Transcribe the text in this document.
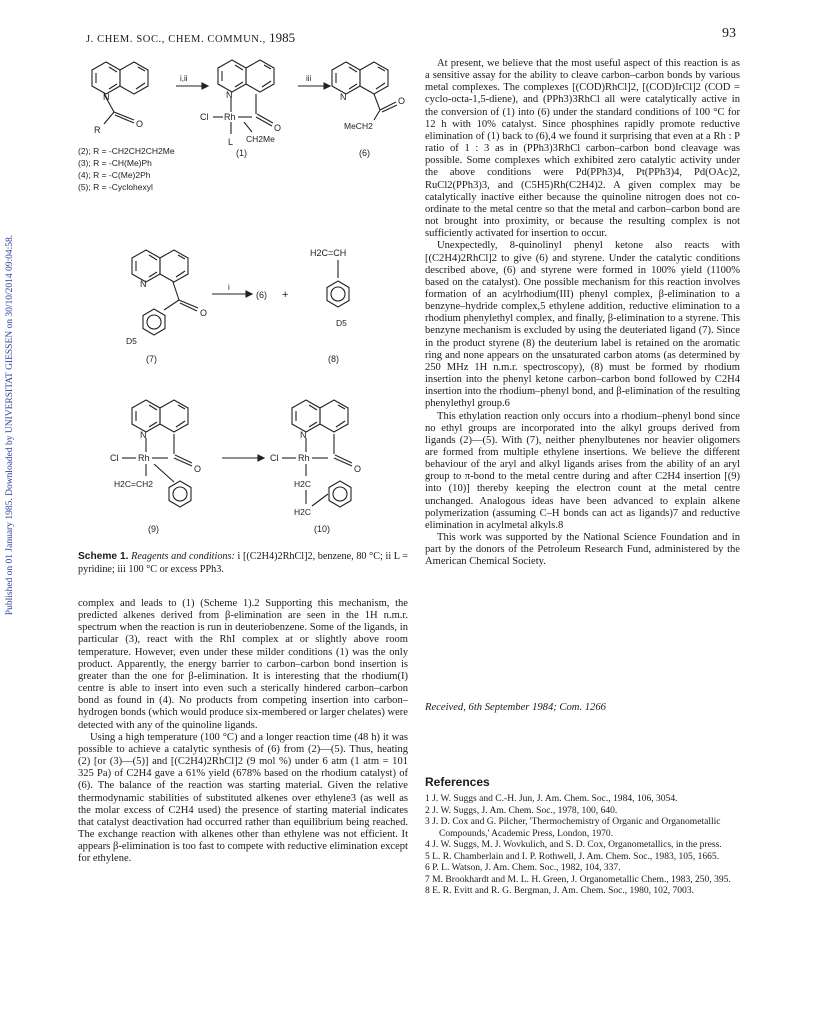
Published on 01 January 1985. Downloaded by UNIVERSITAT GIESSEN on 30/10/2014 09:04:58.
J. CHEM. SOC., CHEM. COMMUN., 1985	93
N
R
O
i,ii
N
Rh
Cl
O
L CH2Me
iii
N	O
MeCH2
(1)	(6)
(2); R = -CH2CH2CH2Me
(3); R = -CH(Me)Ph
(4); R = -C(Me)2Ph
(5); R = -Cyclohexyl
N
O
D5
i
(6) +
H2C=CH
D5
(7)	(8)
N
Rh
Cl
O
H2C=CH2
N
Rh
Cl
O
H2C
H2C
(9)	(10)
Scheme 1. Reagents and conditions: i [(C2H4)2RhCl]2, benzene, 80 °C; ii L = pyridine; iii 100 °C or excess PPh3.

complex and leads to (1) (Scheme 1).2 Supporting this mechanism, the predicted alkenes derived from β-elimination are seen in the 1H n.m.r. spectrum when the reaction is run in deuteriobenzene. Some of the ligands, in particular (3), react with the RhI complex at or slightly above room temperature. However, even under these milder conditions (1) was the only product. Apparently, the energy barrier to carbon–carbon bond insertion is greater than the one for β-elimination. It is interesting that the rhodium(I) centre is able to insert into even such a sterically hindered carbon–carbon bond as found in (4). No products from competing insertion into carbon–hydrogen bonds (which would produce six-membered or larger chelates) were detected with any of the quinoline ligands.

Using a high temperature (100 °C) and a longer reaction time (48 h) it was possible to achieve a catalytic synthesis of (6) from (2)—(5). Thus, heating (2) [or (3)—(5)] and [(C2H4)2RhCl]2 (9 mol %) under 6 atm (1 atm = 101 325 Pa) of C2H4 gave a 61% yield (678% based on the rhodium catalyst) of (6). The balance of the reaction was starting material. Given the relative thermodynamic stabilities of substituted alkenes over ethylene3 (as well as the molar excess of C2H4 used) the presence of starting material indicates that catalyst deactivation had occurred rather than equilibrium being reached. The exchange reaction with alkenes other than ethylene was not efficient. It appears β-elimination is too fast to compete with reductive elimination except for ethylene.

At present, we believe that the most useful aspect of this reaction is as a sensitive assay for the ability to cleave carbon–carbon bonds by various metal complexes. The complexes [(COD)RhCl]2, [(COD)IrCl]2 (COD = cyclo-octa-1,5-diene), and (PPh3)3RhCl all were catalytically active in the conversion of (1) into (6) under the standard conditions of 100 °C for 12 h with 10% catalyst. Since phosphines rapidly promote reductive elimination of (1) back to (6),4 we found it surprising that even at a Rh : P ratio of 1 : 3 as in (PPh3)3RhCl carbon–carbon bond cleavage was possible. Some complexes which exhibited zero catalytic activity under the above conditions were Pd(PPh3)4, Pt(PPh3)4, Pd(OAc)2, RuCl2(PPh3)3, and (C5H5)Rh(C2H4)2. A given complex may be catalytically inactive either because the quinoline nitrogen does not co-ordinate to the metal centre so that the metal and carbon–carbon bond are not brought into proximity, or because the resulting complex is not sufficiently activated for insertion to occur.

Unexpectedly, 8-quinolinyl phenyl ketone also reacts with [(C2H4)2RhCl]2 to give (6) and styrene. Under the catalytic conditions described above, (6) and styrene were formed in 100% yield (1100% based on the catalyst). One possible mechanism for this reaction involves formation of an acylrhodium(III) phenyl complex, β-elimination to a benzyne–hydride complex,5 ethylene addition, reductive elimination to a rhodium phenylethyl complex, and finally, β-elimination to a styrene. This benzyne mechanism is excluded by using the deuteriated ligand (7). Since in the product styrene (8) the deuterium label is retained on the aromatic ring and none appears on the unsaturated carbon atoms (as determined by 250 MHz 1H n.m.r. spectroscopy), (8) must be formed by rhodium insertion into the phenyl ketone carbon–carbon bond followed by C2H4 insertion into the rhodium–phenyl bond, and β-elimination of the resulting phenylethyl group.6

This ethylation reaction only occurs into a rhodium–phenyl bond since no ethyl groups are incorporated into the alkyl groups derived from ligands (2)—(5). With (7), neither phenylbutenes nor heavier oligomers are formed from multiple ethylene insertions. We believe the different behaviour of the aryl and alkyl ligands arises from the ability of an aryl group to π-bond to the metal centre during and after C2H4 insertion [(9) into (10)] thereby keeping the electron count at the metal centre unchanged. Analogous ideas have been advanced to explain alkene polymerization (assuming C–H bonds can act as ligands)7 and reductive elimination in acylmetal alkyls.8

This work was supported by the National Science Foundation and in part by the donors of the Petroleum Research Fund, administered by the American Chemical Society.

Received, 6th September 1984; Com. 1266
References
1 J. W. Suggs and C.-H. Jun, J. Am. Chem. Soc., 1984, 106, 3054.
2 J. W. Suggs, J. Am. Chem. Soc., 1978, 100, 640.
3 J. D. Cox and G. Pilcher, 'Thermochemistry of Organic and Organometallic Compounds,' Academic Press, London, 1970.
4 J. W. Suggs, M. J. Wovkulich, and S. D. Cox, Organometallics, in the press.
5 L. R. Chamberlain and I. P. Rothwell, J. Am. Chem. Soc., 1983, 105, 1665.
6 P. L. Watson, J. Am. Chem. Soc., 1982, 104, 337.
7 M. Brookhardt and M. L. H. Green, J. Organometallic Chem., 1983, 250, 395.
8 E. R. Evitt and R. G. Bergman, J. Am. Chem. Soc., 1980, 102, 7003.
